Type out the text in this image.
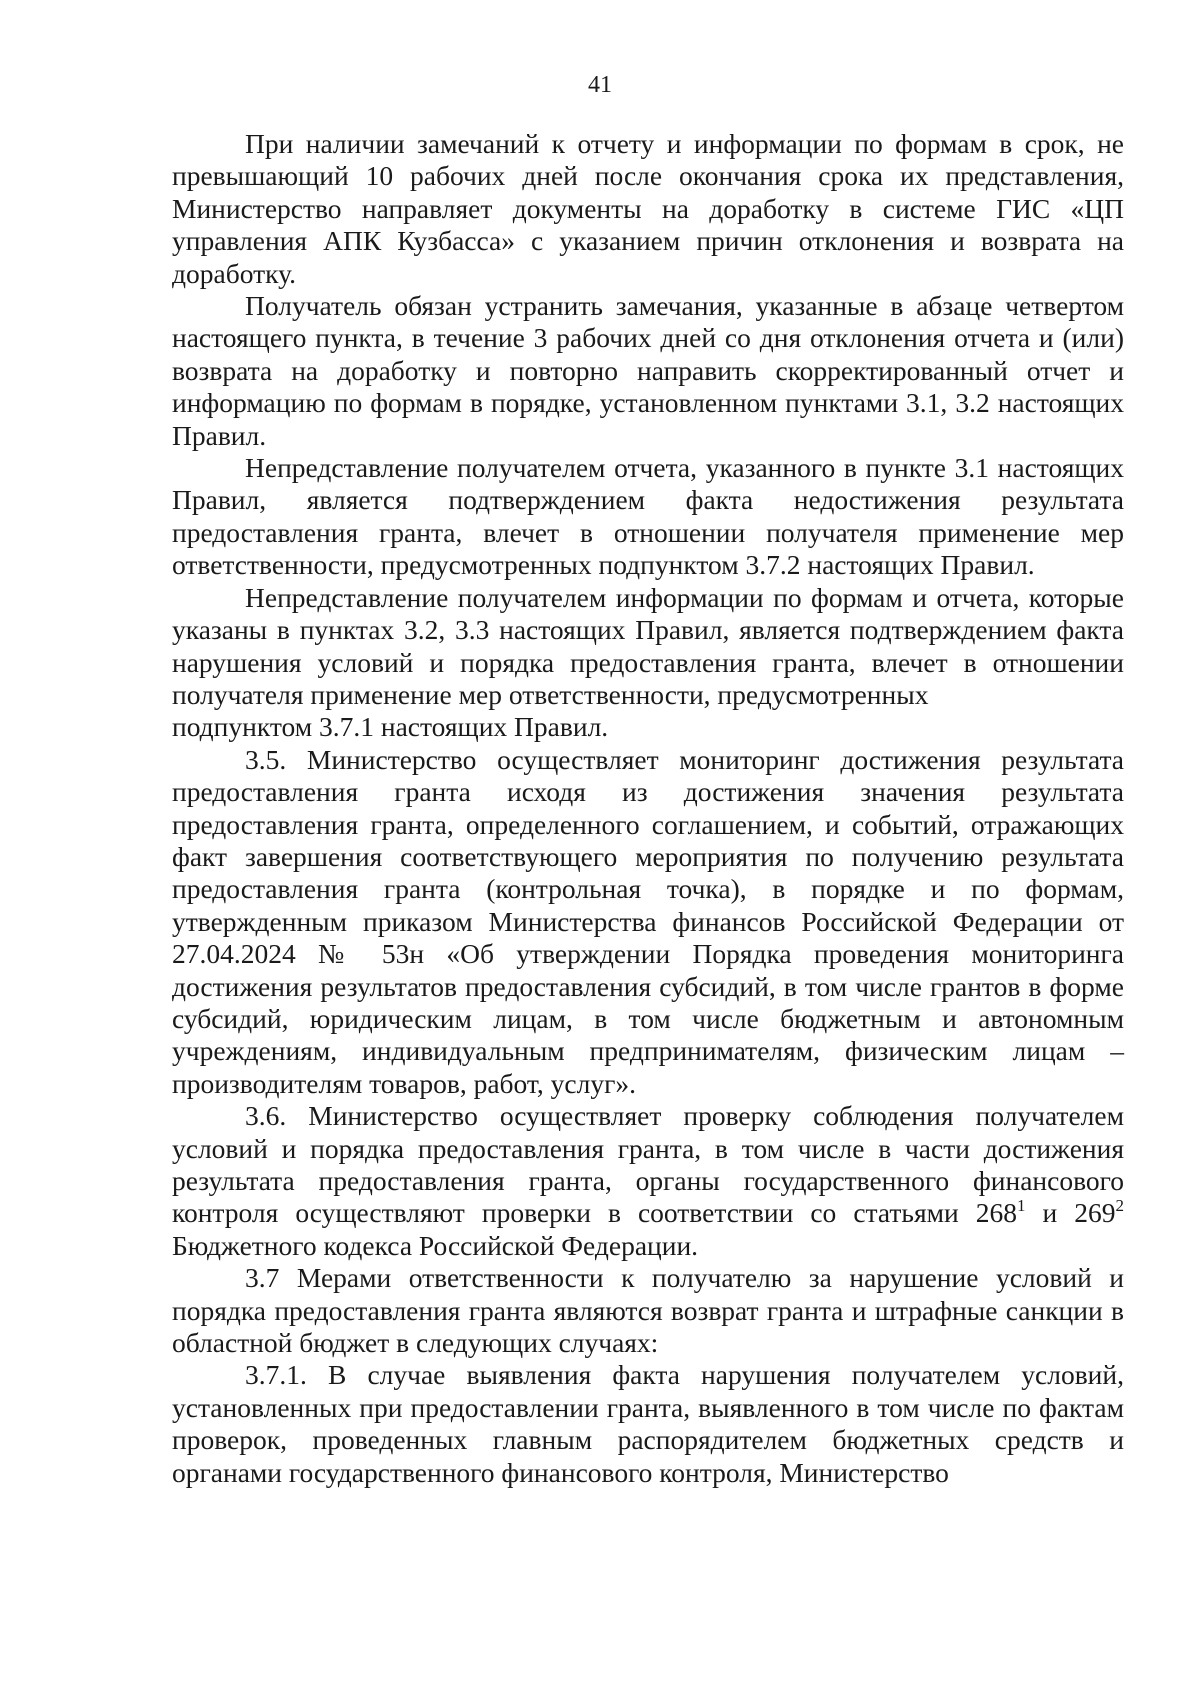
41

При наличии замечаний к отчету и информации по формам в срок, не превышающий 10 рабочих дней после окончания срока их представления, Министерство направляет документы на доработку в системе ГИС «ЦП управления АПК Кузбасса» с указанием причин отклонения и возврата на доработку.

Получатель обязан устранить замечания, указанные в абзаце четвертом настоящего пункта, в течение 3 рабочих дней со дня отклонения отчета и (или) возврата на доработку и повторно направить скорректированный отчет и информацию по формам в порядке, установленном пунктами 3.1, 3.2 настоящих Правил.

Непредставление получателем отчета, указанного в пункте 3.1 настоящих Правил, является подтверждением факта недостижения результата предоставления гранта, влечет в отношении получателя применение мер ответственности, предусмотренных подпунктом 3.7.2 настоящих Правил.

Непредставление получателем информации по формам и отчета, которые указаны в пунктах 3.2, 3.3 настоящих Правил, является подтверждением факта нарушения условий и порядка предоставления гранта, влечет в отношении получателя применение мер ответственности, предусмотренных

подпунктом 3.7.1 настоящих Правил.

3.5. Министерство осуществляет мониторинг достижения результата предоставления гранта исходя из достижения значения результата предоставления гранта, определенного соглашением, и событий, отражающих факт завершения соответствующего мероприятия по получению результата предоставления гранта (контрольная точка), в порядке и по формам, утвержденным приказом Министерства финансов Российской Федерации от 27.04.2024 № 53н «Об утверждении Порядка проведения мониторинга достижения результатов предоставления субсидий, в том числе грантов в форме субсидий, юридическим лицам, в том числе бюджетным и автономным учреждениям, индивидуальным предпринимателям, физическим лицам – производителям товаров, работ, услуг».

3.6. Министерство осуществляет проверку соблюдения получателем условий и порядка предоставления гранта, в том числе в части достижения результата предоставления гранта, органы государственного финансового контроля осуществляют проверки в соответствии со статьями $268^1$ и $269^2$ Бюджетного кодекса Российской Федерации.

3.7 Мерами ответственности к получателю за нарушение условий и порядка предоставления гранта являются возврат гранта и штрафные санкции в областной бюджет в следующих случаях:

3.7.1. В случае выявления факта нарушения получателем условий, установленных при предоставлении гранта, выявленного в том числе по фактам проверок, проведенных главным распорядителем бюджетных средств и органами государственного финансового контроля, Министерство
